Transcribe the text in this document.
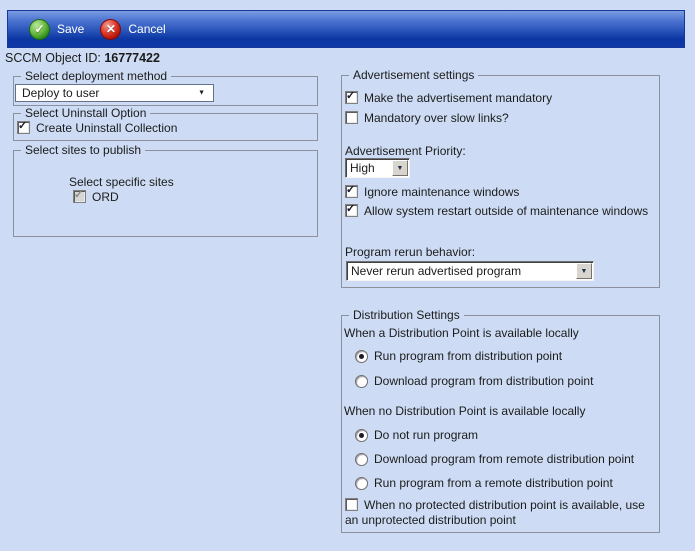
✓	Save	✕	Cancel
SCCM Object ID: 16777422
Select deployment method
Deploy to user	▼
Select Uninstall Option
✓ Create Uninstall Collection
Select sites to publish
Select specific sites
✓ ORD
Advertisement settings
✓ Make the advertisement mandatory
Mandatory over slow links?
Advertisement Priority:
High	▼
✓ Ignore maintenance windows
✓ Allow system restart outside of maintenance windows
Program rerun behavior:
Never rerun advertised program	▼
Distribution Settings
When a Distribution Point is available locally
Run program from distribution point
Download program from distribution point
When no Distribution Point is available locally
Do not run program
Download program from remote distribution point
Run program from a remote distribution point
When no protected distribution point is available, use an unprotected distribution point
